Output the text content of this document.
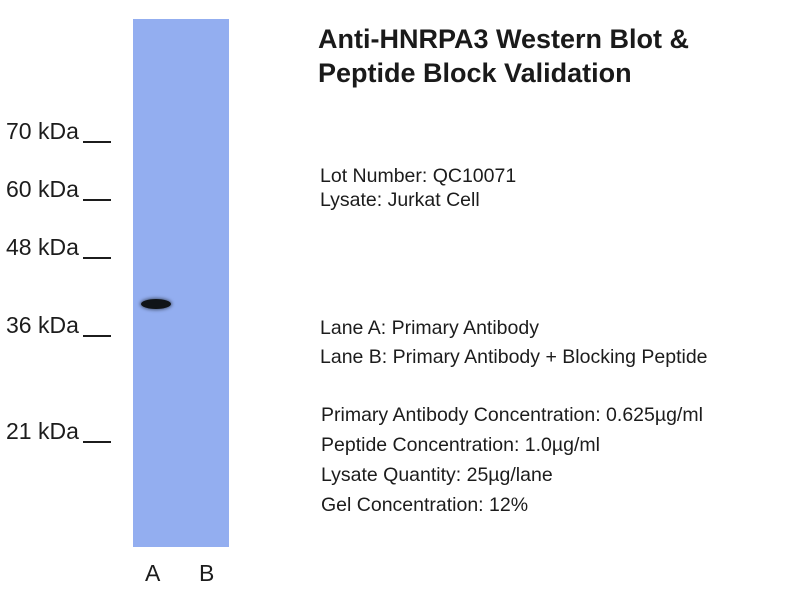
Anti-HNRPA3 Western Blot &
Peptide Block Validation
70 kDa
60 kDa
48 kDa
36 kDa
21 kDa
A B
Lot Number: QC10071
Lysate: Jurkat Cell
Lane A: Primary Antibody
Lane B: Primary Antibody + Blocking Peptide
Primary Antibody Concentration: 0.625µg/ml
Peptide Concentration: 1.0µg/ml
Lysate Quantity: 25µg/lane
Gel Concentration: 12%
